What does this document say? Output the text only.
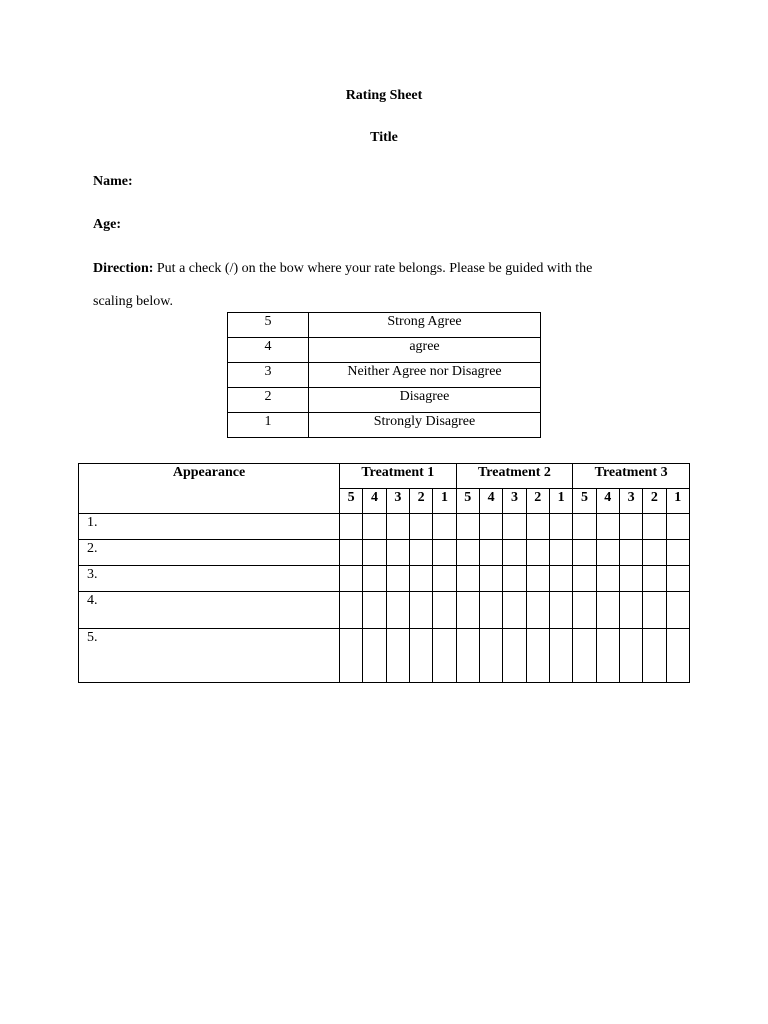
Rating Sheet
Title
Name:
Age:
Direction: Put a check (/) on the bow where your rate belongs. Please be guided with the
scaling below.
5	Strong Agree
4	agree
3	Neither Agree nor Disagree
2	Disagree
1	Strongly Disagree
Appearance	Treatment 1					Treatment 2					Treatment 3				
	5	4	3	2	1	5	4	3	2	1	5	4	3	2	1
1.															
2.															
3.															
4.															
5.															
